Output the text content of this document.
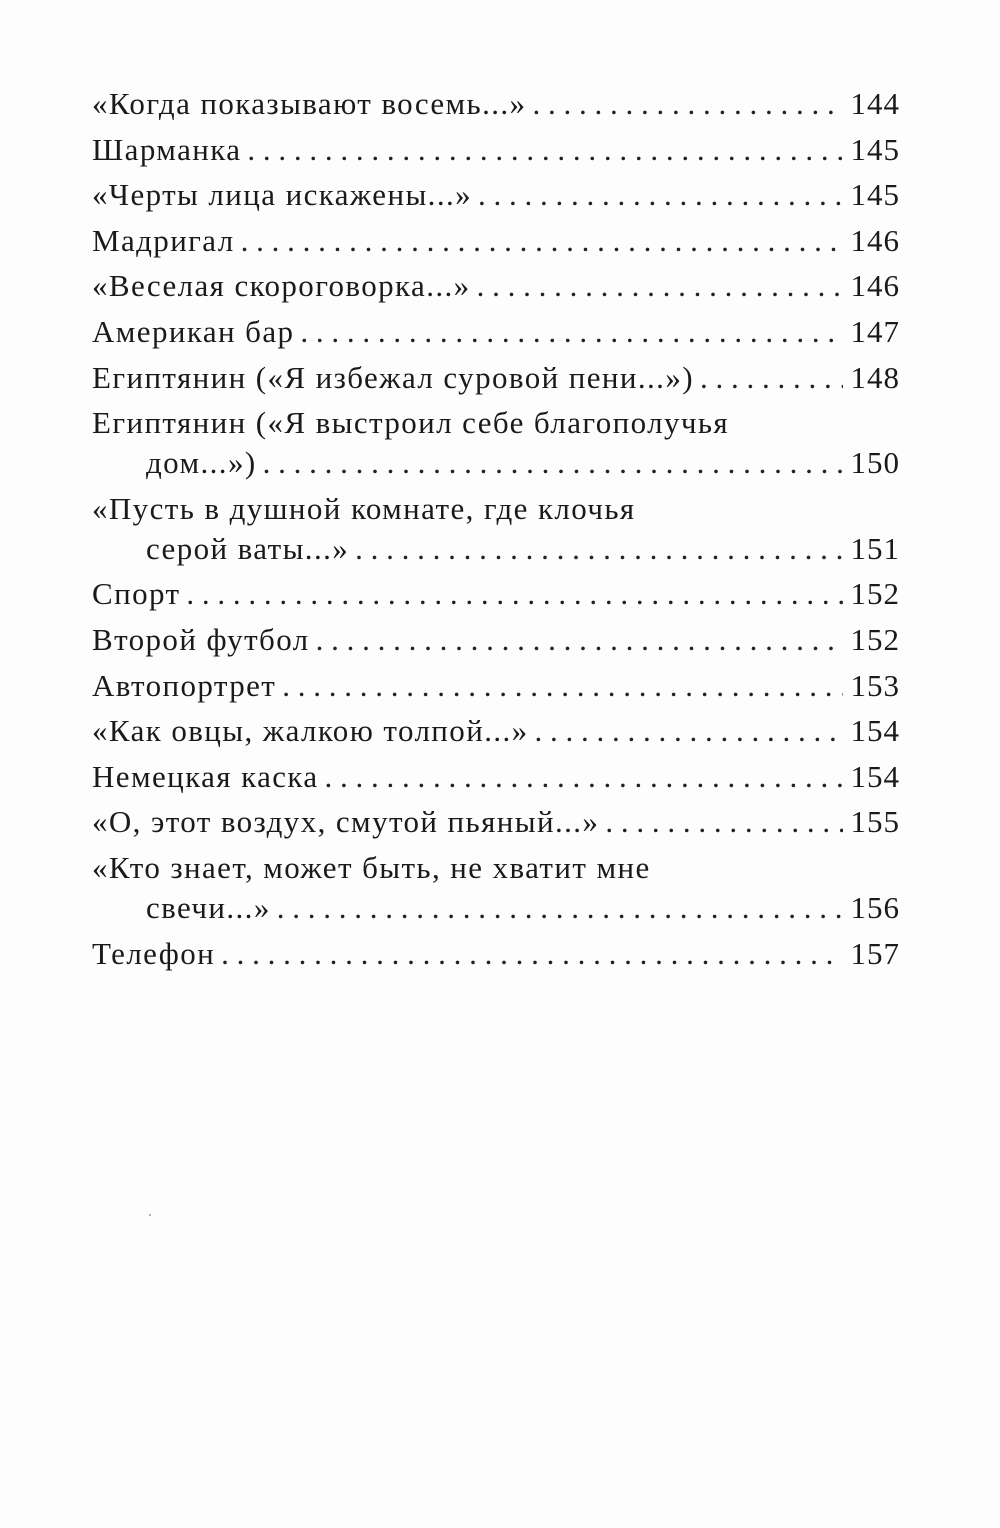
«Когда показывают восемь...» . . .	144
Шарманка . . .	145
«Черты лица искажены...» . . .	145
Мадригал . . .	146
«Веселая скороговорка...» . . .	146
Американ бар . . .	147
Египтянин («Я избежал суровой пени...») . . .	148
Египтянин («Я выстроил себе благополучья
дом...») . . .	150
«Пусть в душной комнате, где клочья
серой ваты...» . . .	151
Спорт . . .	152
Второй футбол . . .	152
Автопортрет . . .	153
«Как овцы, жалкою толпой...» . . .	154
Немецкая каска . . .	154
«О, этот воздух, смутой пьяный...» . . .	155
«Кто знает, может быть, не хватит мне
свечи...» . . .	156
Телефон . . .	157
